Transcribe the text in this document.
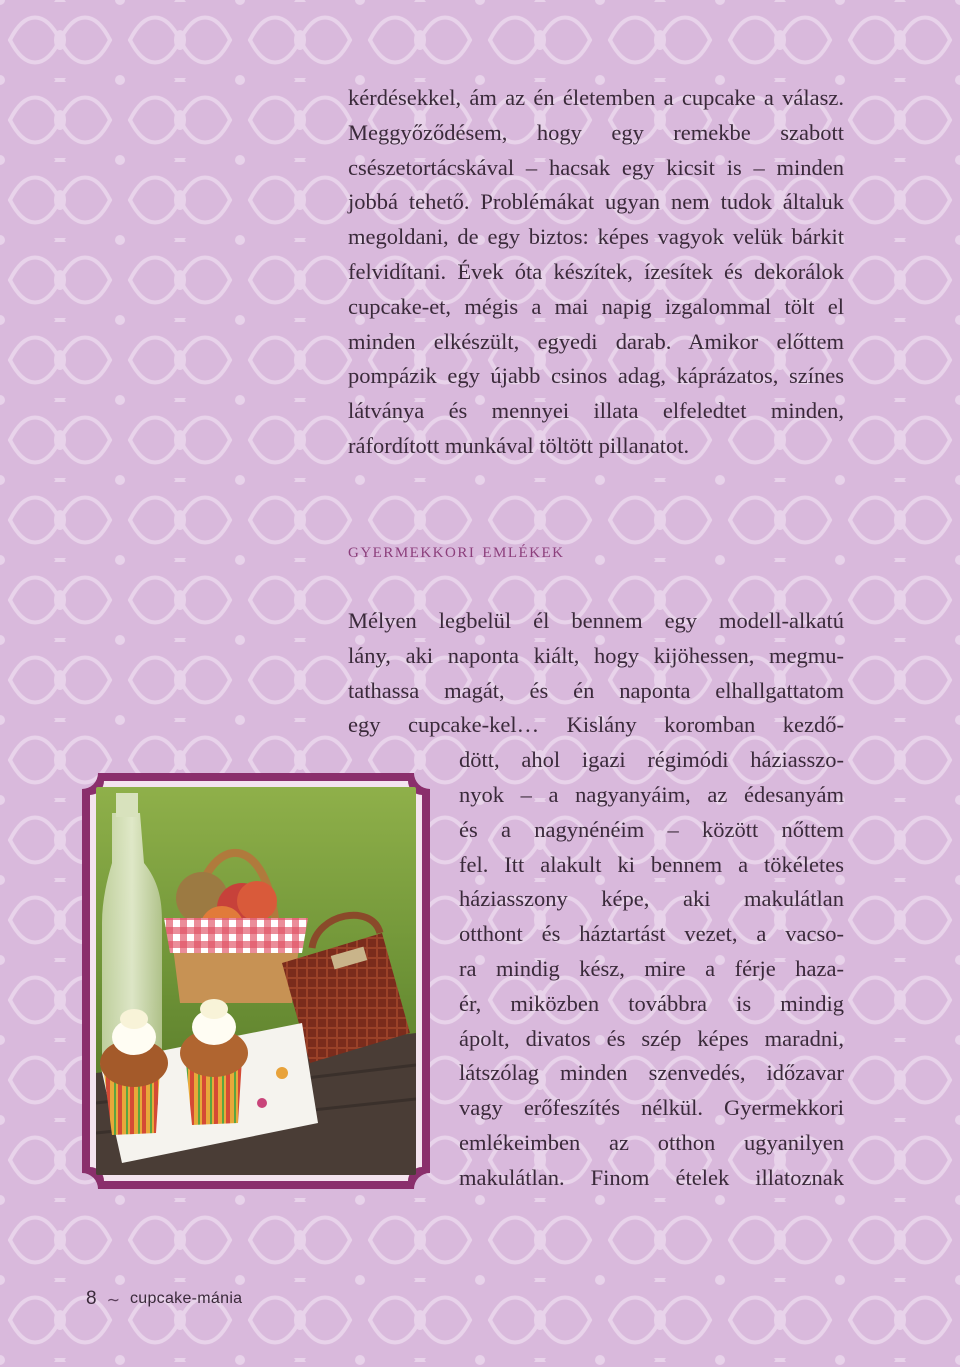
kérdésekkel, ám az én életemben a cupcake a válasz. Meggyőződésem, hogy egy remekbe szabott csészetortácskával – hacsak egy kicsit is – minden jobbá tehető. Problémákat ugyan nem tudok általuk megoldani, de egy biztos: képes vagyok velük bárkit felvidítani. Évek óta készítek, ízesítek és dekorálok cupcake-et, mégis a mai napig izgalommal tölt el minden elkészült, egyedi darab. Amikor előttem pompázik egy újabb csinos adag, káprázatos, színes látványa és mennyei illata elfeledtet minden, ráfordított munkával töltött pillanatot.

gyermekkori emlékek

Mélyen legbelül él bennem egy modell-alkatú
lány, aki naponta kiált, hogy kijöhessen, megmu-
tathassa magát, és én naponta elhallgattatom
egy cupcake-kel… Kislány koromban kezdő-
dött, ahol igazi régimódi háziasszo-
nyok – a nagyanyáim, az édesanyám
és a nagynénéim – között nőttem
fel. Itt alakult ki bennem a tökéletes
háziasszony képe, aki makulátlan
otthont és háztartást vezet, a vacso-
ra mindig kész, mire a férje haza-
ér, miközben továbbra is mindig
ápolt, divatos és szép képes maradni,
látszólag minden szenvedés, időzavar
vagy erőfeszítés nélkül. Gyermekkori
emlékeimben az otthon ugyanilyen
makulátlan. Finom ételek illatoznak

8 ∼ cupcake-mánia
